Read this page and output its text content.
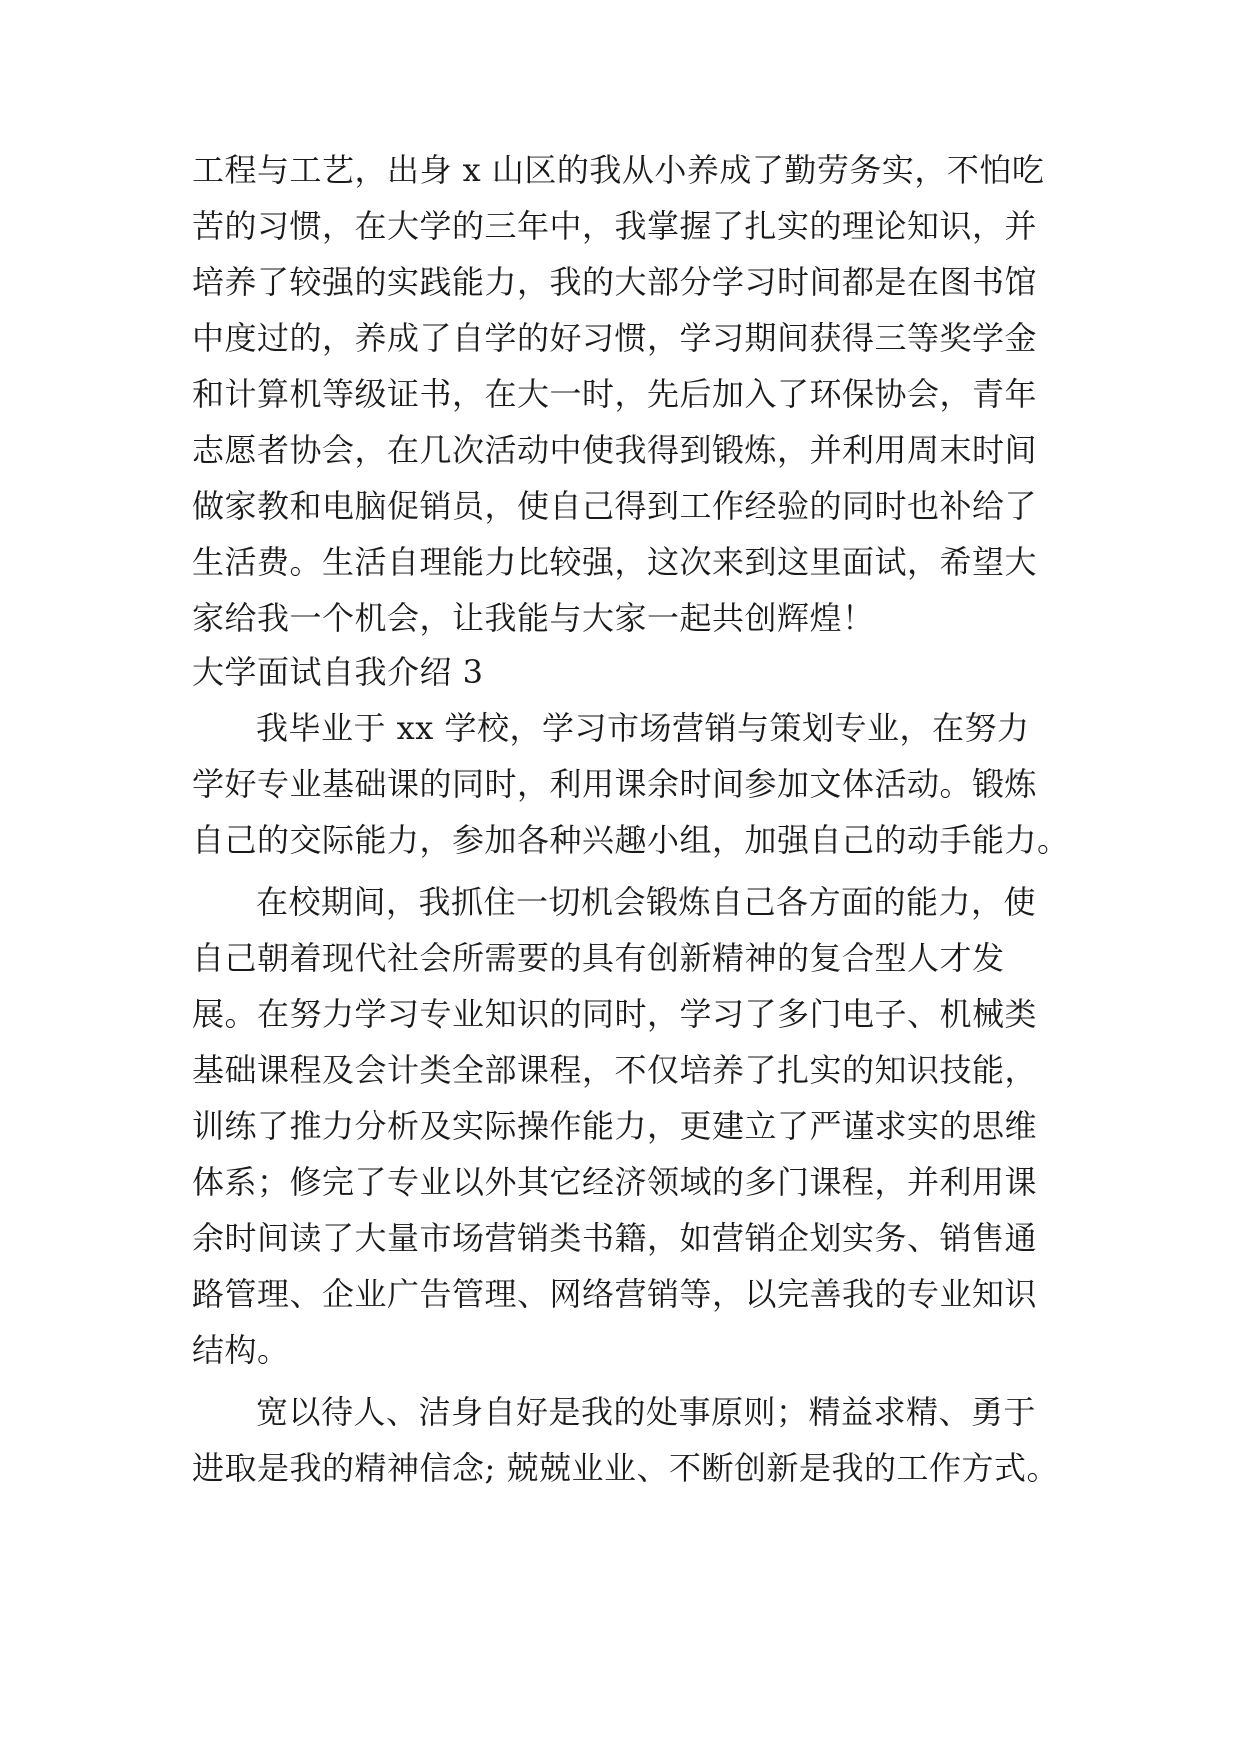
工程与工艺，出身 x 山区的我从小养成了勤劳务实，不怕吃
苦的习惯，在大学的三年中，我掌握了扎实的理论知识，并
培养了较强的实践能力，我的大部分学习时间都是在图书馆
中度过的，养成了自学的好习惯，学习期间获得三等奖学金
和计算机等级证书，在大一时，先后加入了环保协会，青年
志愿者协会，在几次活动中使我得到锻炼，并利用周末时间
做家教和电脑促销员，使自己得到工作经验的同时也补给了
生活费。生活自理能力比较强，这次来到这里面试，希望大
家给我一个机会，让我能与大家一起共创辉煌！
大学面试自我介绍 3
我毕业于 xx 学校，学习市场营销与策划专业，在努力
学好专业基础课的同时，利用课余时间参加文体活动。锻炼
自己的交际能力，参加各种兴趣小组，加强自己的动手能力。
在校期间，我抓住一切机会锻炼自己各方面的能力，使
自己朝着现代社会所需要的具有创新精神的复合型人才发
展。在努力学习专业知识的同时，学习了多门电子、机械类
基础课程及会计类全部课程，不仅培养了扎实的知识技能，
训练了推力分析及实际操作能力，更建立了严谨求实的思维
体系；修完了专业以外其它经济领域的多门课程，并利用课
余时间读了大量市场营销类书籍，如营销企划实务、销售通
路管理、企业广告管理、网络营销等，以完善我的专业知识
结构。
宽以待人、洁身自好是我的处事原则；精益求精、勇于
进取是我的精神信念; 兢兢业业、不断创新是我的工作方式。
